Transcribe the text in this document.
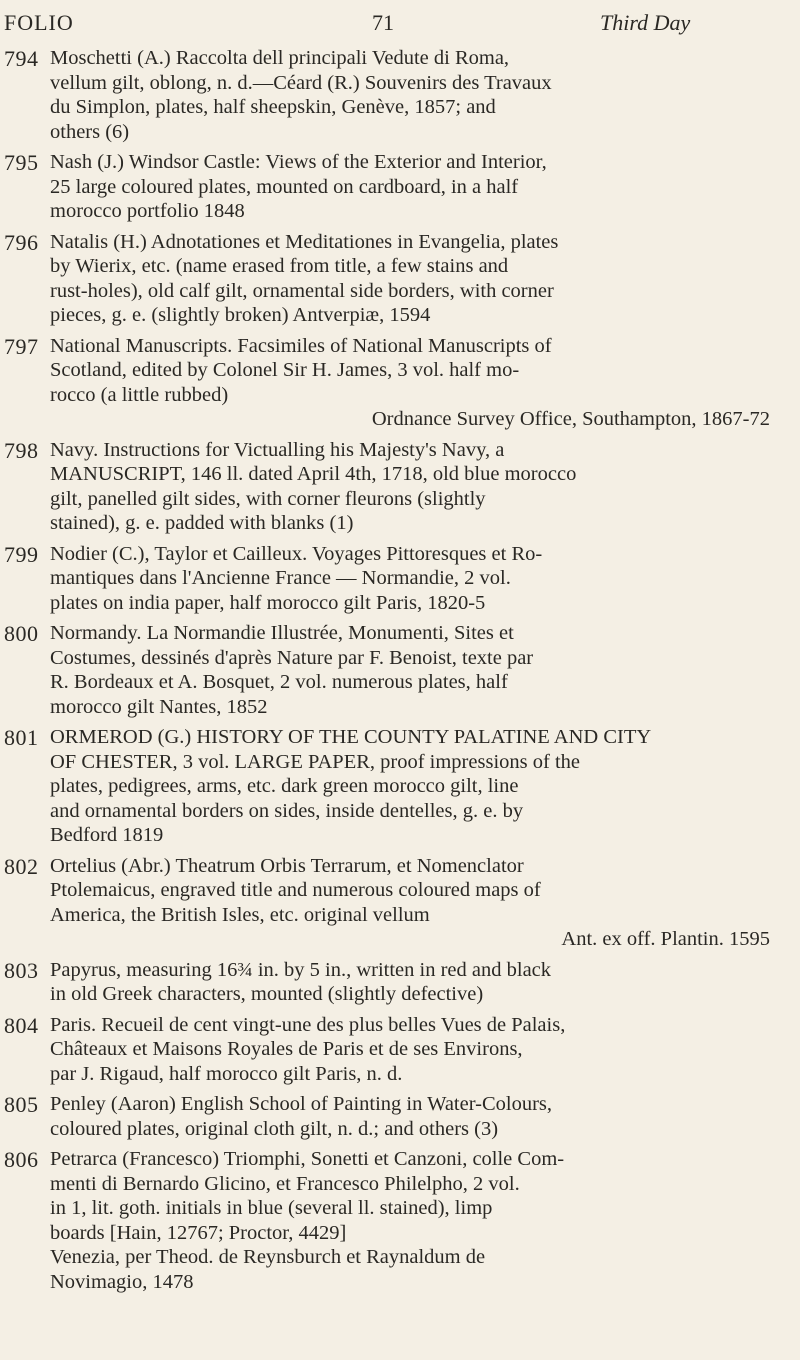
FOLIO	71	Third Day
794 Moschetti (A.) Raccolta dell principali Vedute di Roma,
vellum gilt, oblong, n. d.—Céard (R.) Souvenirs des Travaux
du Simplon, plates, half sheepskin, Genève, 1857; and
others (6)
795 Nash (J.) Windsor Castle: Views of the Exterior and Interior,
25 large coloured plates, mounted on cardboard, in a half
morocco portfolio 1848
796 Natalis (H.) Adnotationes et Meditationes in Evangelia, plates
by Wierix, etc. (name erased from title, a few stains and
rust-holes), old calf gilt, ornamental side borders, with corner
pieces, g. e. (slightly broken) Antverpiæ, 1594
797 National Manuscripts. Facsimiles of National Manuscripts of
Scotland, edited by Colonel Sir H. James, 3 vol. half mo-
rocco (a little rubbed)
Ordnance Survey Office, Southampton, 1867-72
798 Navy. Instructions for Victualling his Majesty's Navy, a
MANUSCRIPT, 146 ll. dated April 4th, 1718, old blue morocco
gilt, panelled gilt sides, with corner fleurons (slightly
stained), g. e. padded with blanks (1)
799 Nodier (C.), Taylor et Cailleux. Voyages Pittoresques et Ro-
mantiques dans l'Ancienne France — Normandie, 2 vol.
plates on india paper, half morocco gilt Paris, 1820-5
800 Normandy. La Normandie Illustrée, Monumenti, Sites et
Costumes, dessinés d'après Nature par F. Benoist, texte par
R. Bordeaux et A. Bosquet, 2 vol. numerous plates, half
morocco gilt Nantes, 1852
801 ORMEROD (G.) HISTORY OF THE COUNTY PALATINE AND CITY
OF CHESTER, 3 vol. LARGE PAPER, proof impressions of the
plates, pedigrees, arms, etc. dark green morocco gilt, line
and ornamental borders on sides, inside dentelles, g. e. by
Bedford 1819
802 Ortelius (Abr.) Theatrum Orbis Terrarum, et Nomenclator
Ptolemaicus, engraved title and numerous coloured maps of
America, the British Isles, etc. original vellum
Ant. ex off. Plantin. 1595
803 Papyrus, measuring 16¾ in. by 5 in., written in red and black
in old Greek characters, mounted (slightly defective)
804 Paris. Recueil de cent vingt-une des plus belles Vues de Palais,
Châteaux et Maisons Royales de Paris et de ses Environs,
par J. Rigaud, half morocco gilt Paris, n. d.
805 Penley (Aaron) English School of Painting in Water-Colours,
coloured plates, original cloth gilt, n. d.; and others (3)
806 Petrarca (Francesco) Triomphi, Sonetti et Canzoni, colle Com-
menti di Bernardo Glicino, et Francesco Philelpho, 2 vol.
in 1, lit. goth. initials in blue (several ll. stained), limp
boards [Hain, 12767; Proctor, 4429]
Venezia, per Theod. de Reynsburch et Raynaldum de
Novimagio, 1478
